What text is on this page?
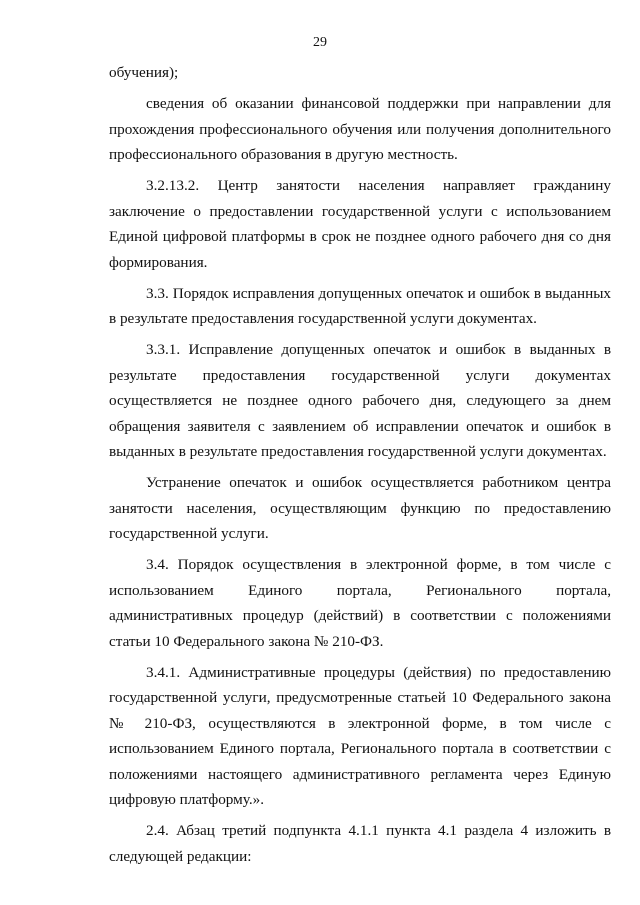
29

обучения);

сведения об оказании финансовой поддержки при направлении для прохождения профессионального обучения или получения дополнительного профессионального образования в другую местность.

3.2.13.2. Центр занятости населения направляет гражданину заключение о предоставлении государственной услуги с использованием Единой цифровой платформы в срок не позднее одного рабочего дня со дня формирования.

3.3. Порядок исправления допущенных опечаток и ошибок в выданных в результате предоставления государственной услуги документах.

3.3.1. Исправление допущенных опечаток и ошибок в выданных в результате предоставления государственной услуги документах осуществляется не позднее одного рабочего дня, следующего за днем обращения заявителя с заявлением об исправлении опечаток и ошибок в выданных в результате предоставления государственной услуги документах.

Устранение опечаток и ошибок осуществляется работником центра занятости населения, осуществляющим функцию по предоставлению государственной услуги.

3.4. Порядок осуществления в электронной форме, в том числе с использованием Единого портала, Регионального портала, административных процедур (действий) в соответствии с положениями статьи 10 Федерального закона № 210-ФЗ.

3.4.1. Административные процедуры (действия) по предоставлению государственной услуги, предусмотренные статьей 10 Федерального закона № 210-ФЗ, осуществляются в электронной форме, в том числе с использованием Единого портала, Регионального портала в соответствии с положениями настоящего административного регламента через Единую цифровую платформу.».

2.4. Абзац третий подпункта 4.1.1 пункта 4.1 раздела 4 изложить в следующей редакции:
